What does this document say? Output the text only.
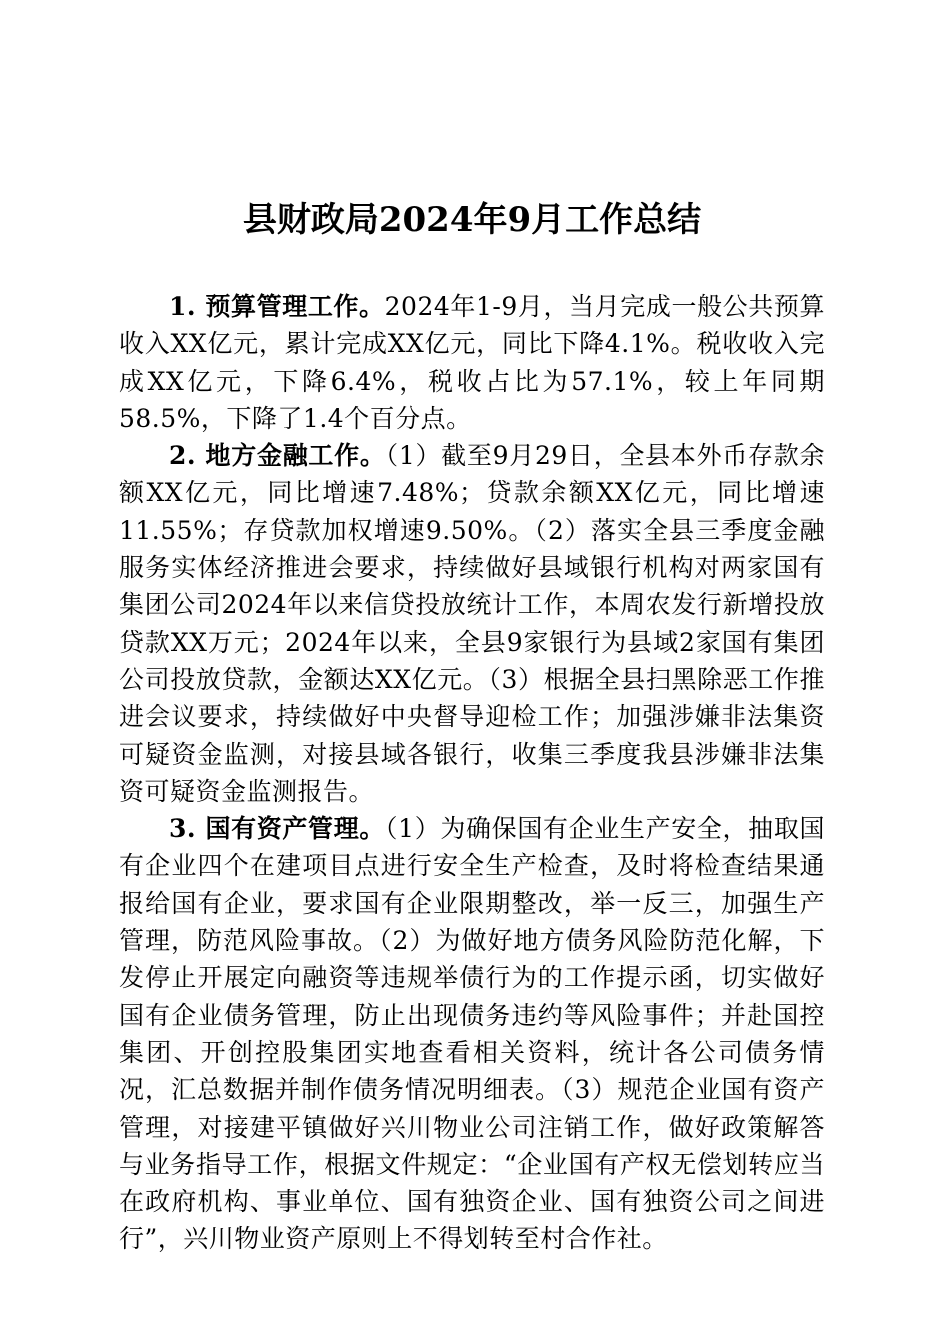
县财政局2024年9月工作总结

1. 预算管理工作。2024年1-9月，当月完成一般公共预算收入XX亿元，累计完成XX亿元，同比下降4.1%。税收收入完成XX亿元，下降6.4%，税收占比为57.1%，较上年同期58.5%，下降了1.4个百分点。

2. 地方金融工作。（1）截至9月29日，全县本外币存款余额XX亿元，同比增速7.48%；贷款余额XX亿元，同比增速11.55%；存贷款加权增速9.50%。（2）落实全县三季度金融服务实体经济推进会要求，持续做好县域银行机构对两家国有集团公司2024年以来信贷投放统计工作，本周农发行新增投放贷款XX万元；2024年以来，全县9家银行为县域2家国有集团公司投放贷款，金额达XX亿元。（3）根据全县扫黑除恶工作推进会议要求，持续做好中央督导迎检工作；加强涉嫌非法集资可疑资金监测，对接县域各银行，收集三季度我县涉嫌非法集资可疑资金监测报告。

3. 国有资产管理。（1）为确保国有企业生产安全，抽取国有企业四个在建项目点进行安全生产检查，及时将检查结果通报给国有企业，要求国有企业限期整改，举一反三，加强生产管理，防范风险事故。（2）为做好地方债务风险防范化解，下发停止开展定向融资等违规举债行为的工作提示函，切实做好国有企业债务管理，防止出现债务违约等风险事件；并赴国控集团、开创控股集团实地查看相关资料，统计各公司债务情况，汇总数据并制作债务情况明细表。（3）规范企业国有资产管理，对接建平镇做好兴川物业公司注销工作，做好政策解答与业务指导工作，根据文件规定：“企业国有产权无偿划转应当在政府机构、事业单位、国有独资企业、国有独资公司之间进行”，兴川物业资产原则上不得划转至村合作社。
